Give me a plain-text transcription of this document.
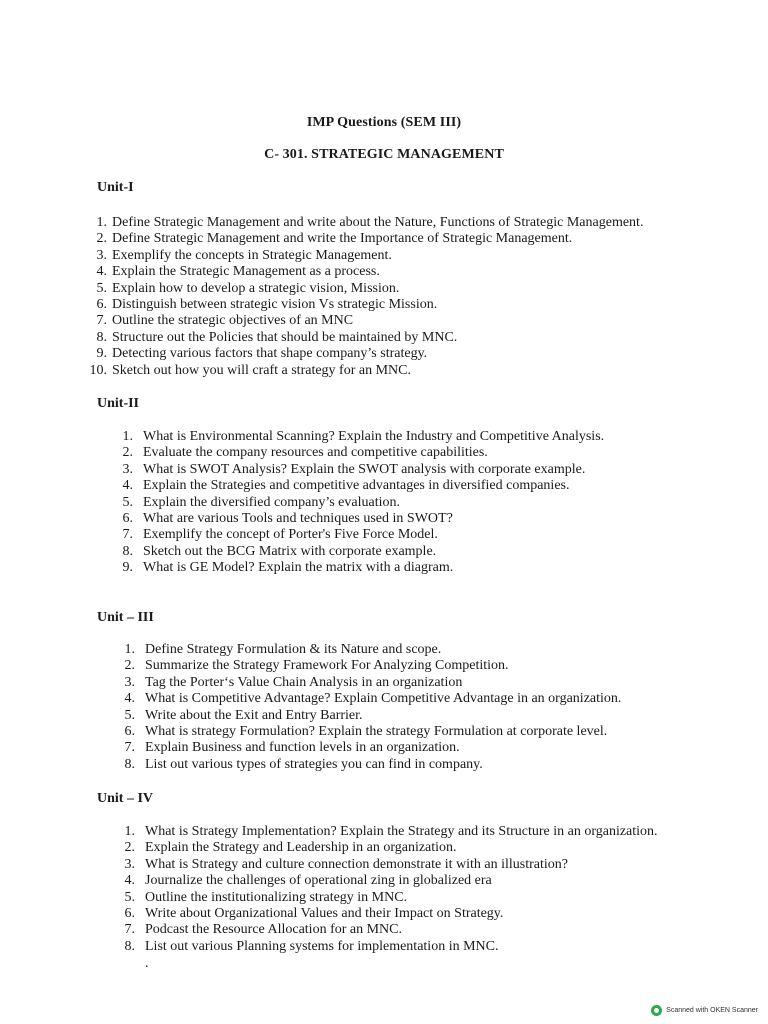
IMP Questions (SEM III)
C- 301. STRATEGIC MANAGEMENT
Unit-I
1. Define Strategic Management and write about the Nature, Functions of Strategic Management.
2. Define Strategic Management and write the Importance of Strategic Management.
3. Exemplify the concepts in Strategic Management.
4. Explain the Strategic Management as a process.
5. Explain how to develop a strategic vision, Mission.
6. Distinguish between strategic vision Vs strategic Mission.
7. Outline the strategic objectives of an MNC
8. Structure out the Policies that should be maintained by MNC.
9. Detecting various factors that shape company’s strategy.
10. Sketch out how you will craft a strategy for an MNC.
Unit-II
1. What is Environmental Scanning? Explain the Industry and Competitive Analysis.
2. Evaluate the company resources and competitive capabilities.
3. What is SWOT Analysis? Explain the SWOT analysis with corporate example.
4. Explain the Strategies and competitive advantages in diversified companies.
5. Explain the diversified company’s evaluation.
6. What are various Tools and techniques used in SWOT?
7. Exemplify the concept of Porter's Five Force Model.
8. Sketch out the BCG Matrix with corporate example.
9. What is GE Model? Explain the matrix with a diagram.
Unit – III
1. Define Strategy Formulation & its Nature and scope.
2. Summarize the Strategy Framework For Analyzing Competition.
3. Tag the Porter‘s Value Chain Analysis in an organization
4. What is Competitive Advantage? Explain Competitive Advantage in an organization.
5. Write about the Exit and Entry Barrier.
6. What is strategy Formulation? Explain the strategy Formulation at corporate level.
7. Explain Business and function levels in an organization.
8. List out various types of strategies you can find in company.
Unit – IV
1. What is Strategy Implementation? Explain the Strategy and its Structure in an organization.
2. Explain the Strategy and Leadership in an organization.
3. What is Strategy and culture connection demonstrate it with an illustration?
4. Journalize the challenges of operational zing in globalized era
5. Outline the institutionalizing strategy in MNC.
6. Write about Organizational Values and their Impact on Strategy.
7. Podcast the Resource Allocation for an MNC.
8. List out various Planning systems for implementation in MNC.
.
Scanned with OKEN Scanner
